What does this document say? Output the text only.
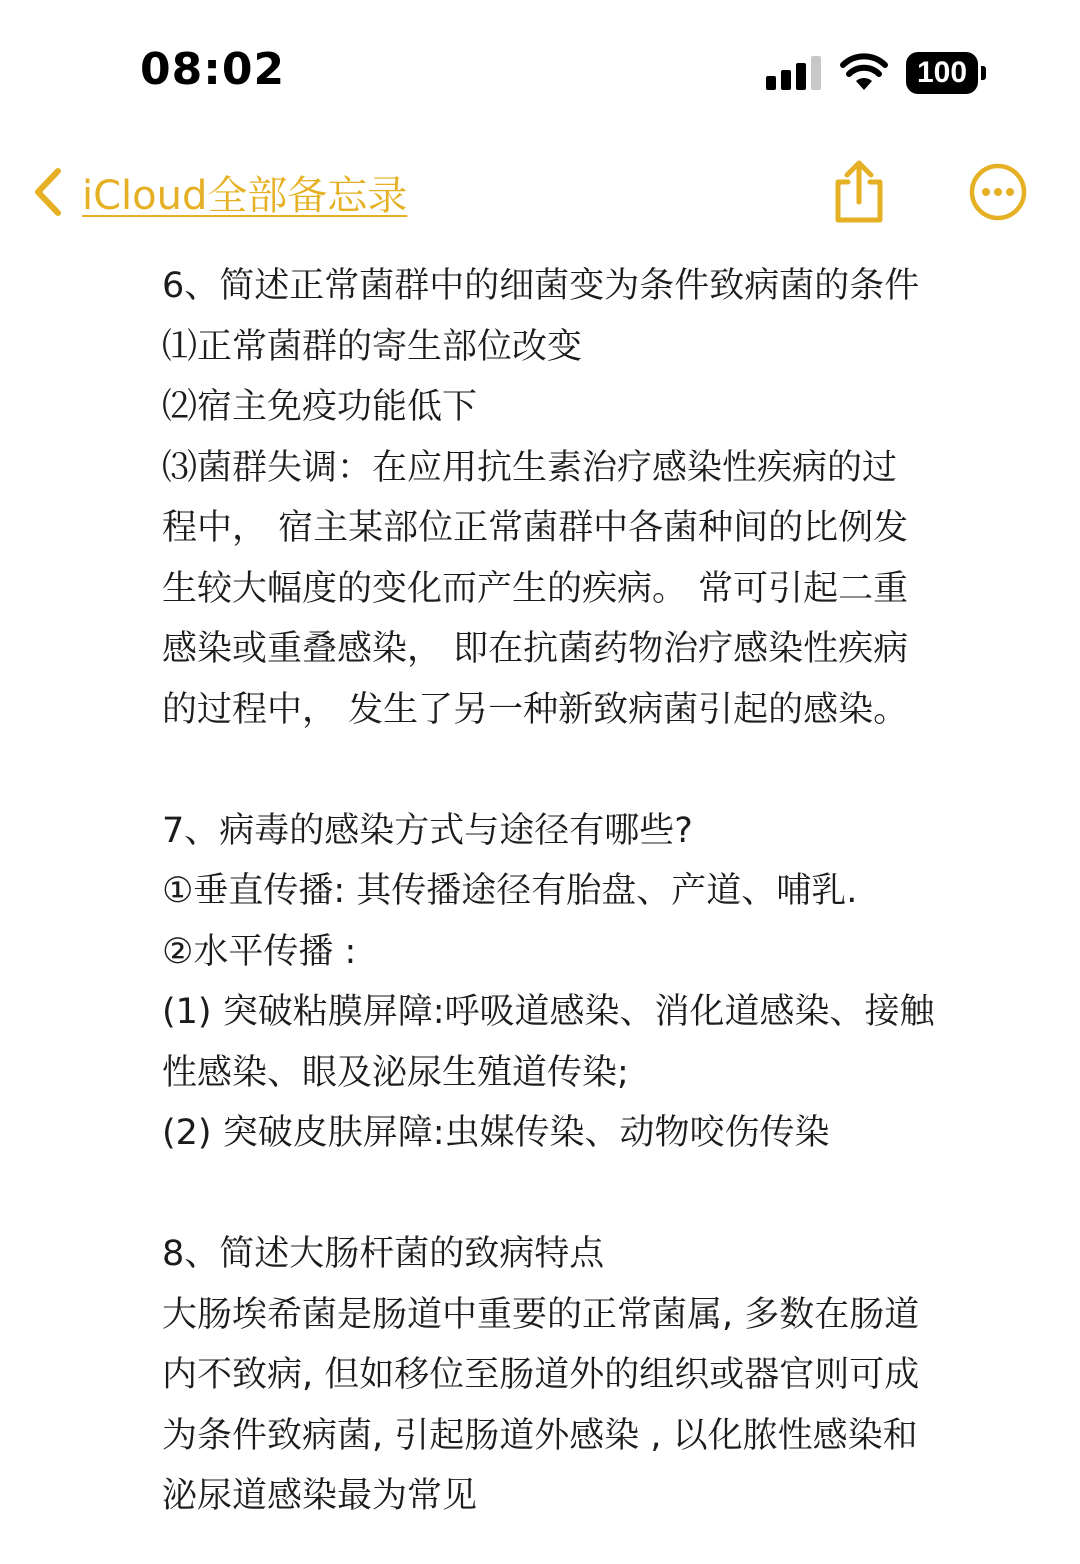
08:02	100
iCloud全部备忘录

6、简述正常菌群中的细菌变为条件致病菌的条件

⑴正常菌群的寄生部位改变

⑵宿主免疫功能低下

⑶菌群失调：在应用抗生素治疗感染性疾病的过

程中， 宿主某部位正常菌群中各菌种间的比例发

生较大幅度的变化而产生的疾病。 常可引起二重

感染或重叠感染， 即在抗菌药物治疗感染性疾病

的过程中， 发生了另一种新致病菌引起的感染。

7、病毒的感染方式与途径有哪些?

①垂直传播: 其传播途径有胎盘、产道、哺乳.

②水平传播 :

(1) 突破粘膜屏障:呼吸道感染、消化道感染、接触

性感染、眼及泌尿生殖道传染;

(2) 突破皮肤屏障:虫媒传染、动物咬伤传染

8、简述大肠杆菌的致病特点

大肠埃希菌是肠道中重要的正常菌属, 多数在肠道

内不致病, 但如移位至肠道外的组织或器官则可成

为条件致病菌, 引起肠道外感染 , 以化脓性感染和

泌尿道感染最为常见
